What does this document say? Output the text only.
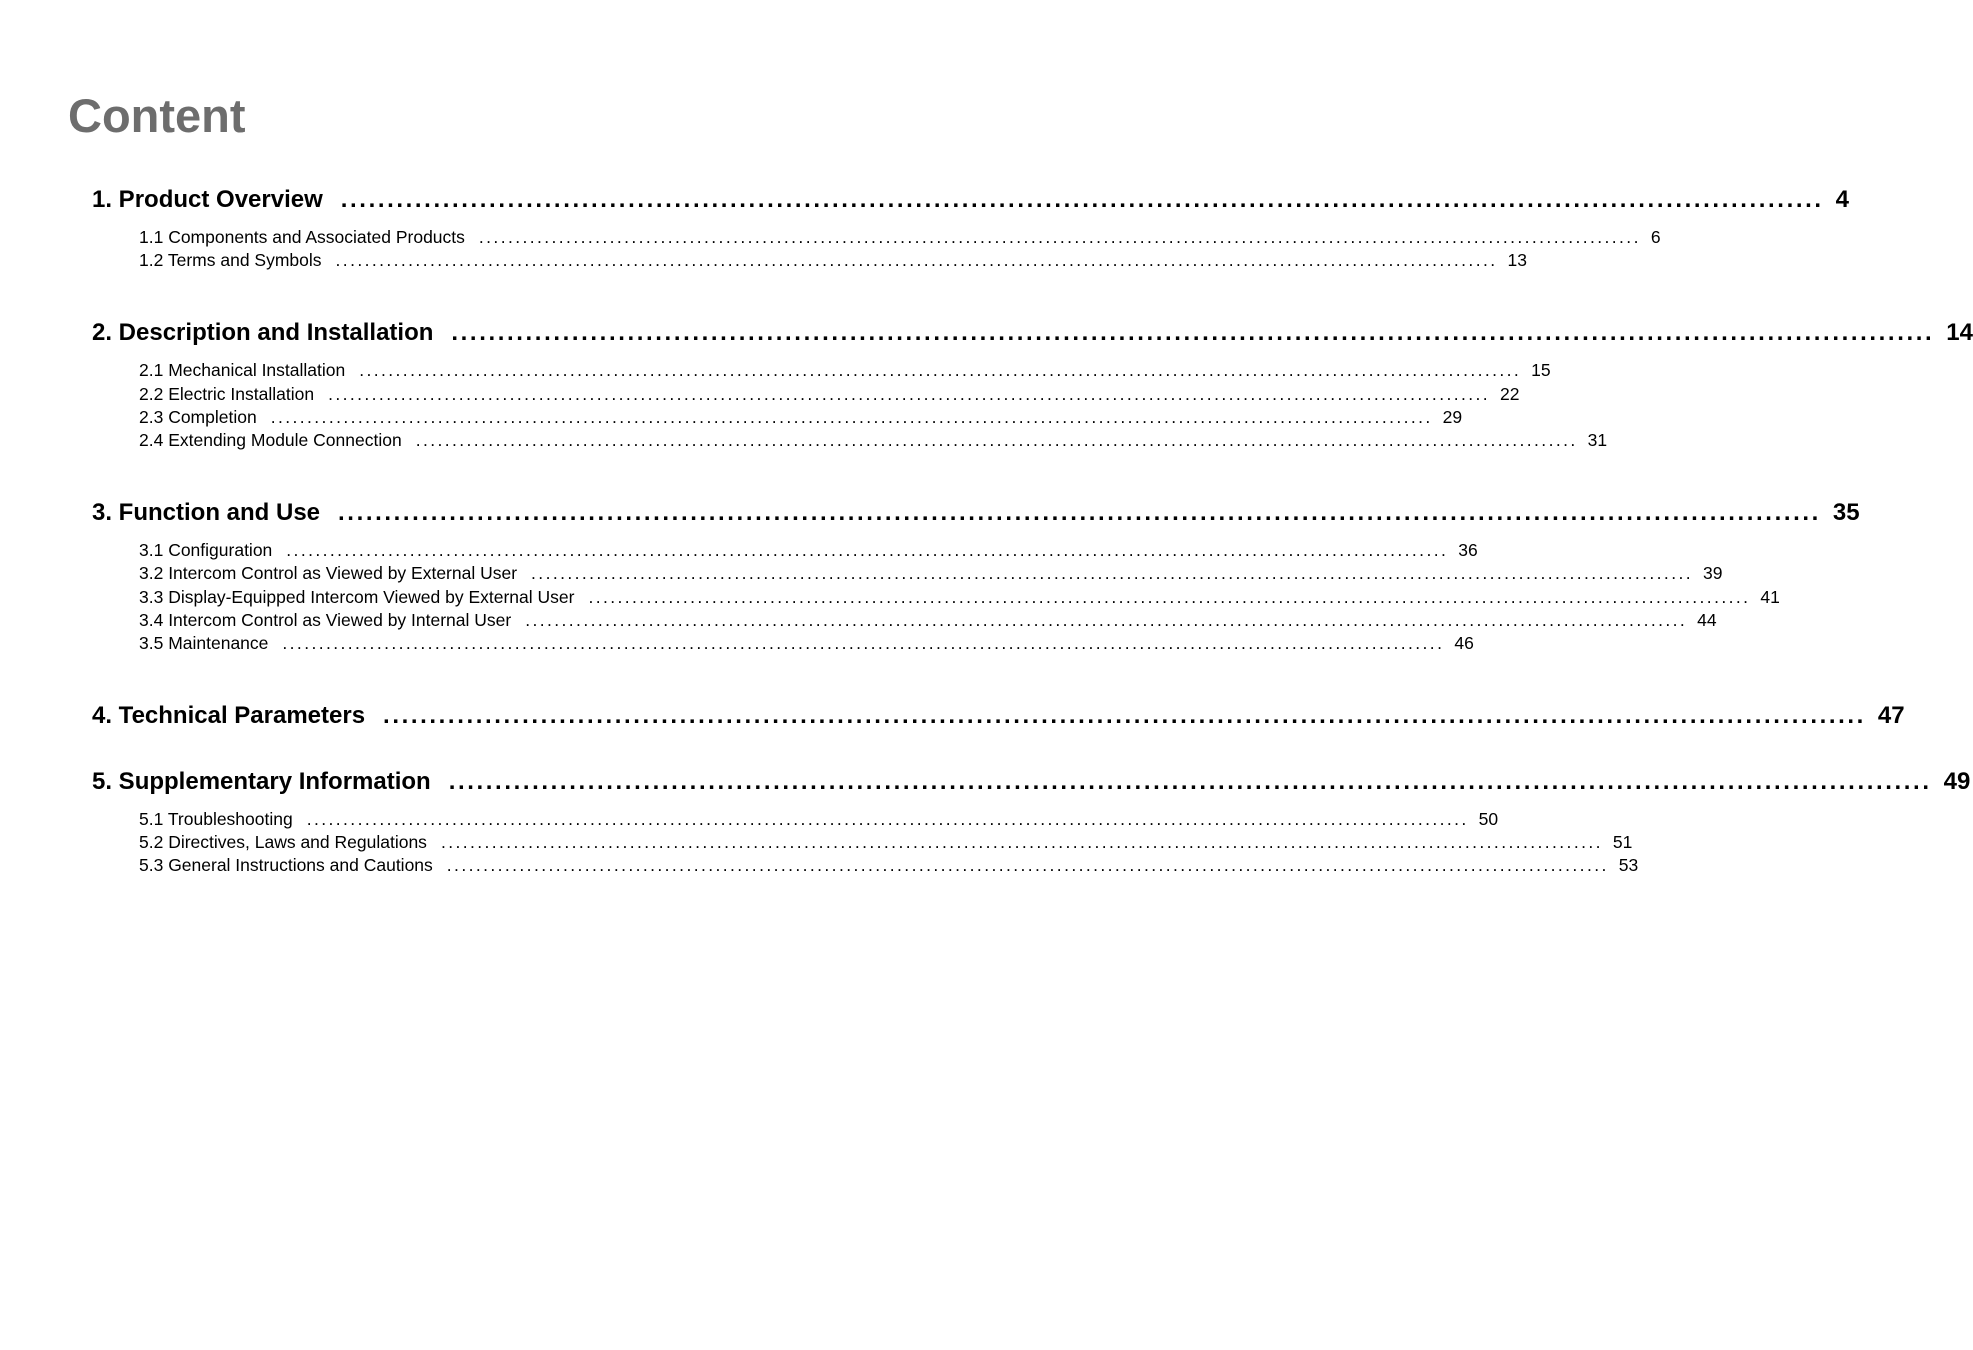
Content
1. Product Overview ................................................................................................................................................................ 4
1.1 Components and Associated Products ................................................................................................................................................................ 6
1.2 Terms and Symbols ................................................................................................................................................................ 13
2. Description and Installation ................................................................................................................................................................ 14
2.1 Mechanical Installation ................................................................................................................................................................ 15
2.2 Electric Installation ................................................................................................................................................................ 22
2.3 Completion ................................................................................................................................................................ 29
2.4 Extending Module Connection ................................................................................................................................................................ 31
3. Function and Use ................................................................................................................................................................ 35
3.1 Configuration ................................................................................................................................................................ 36
3.2 Intercom Control as Viewed by External User ................................................................................................................................................................ 39
3.3 Display-Equipped Intercom Viewed by External User ................................................................................................................................................................ 41
3.4 Intercom Control as Viewed by Internal User ................................................................................................................................................................ 44
3.5 Maintenance ................................................................................................................................................................ 46
4. Technical Parameters ................................................................................................................................................................ 47
5. Supplementary Information ................................................................................................................................................................ 49
5.1 Troubleshooting ................................................................................................................................................................ 50
5.2 Directives, Laws and Regulations ................................................................................................................................................................ 51
5.3 General Instructions and Cautions ................................................................................................................................................................ 53
